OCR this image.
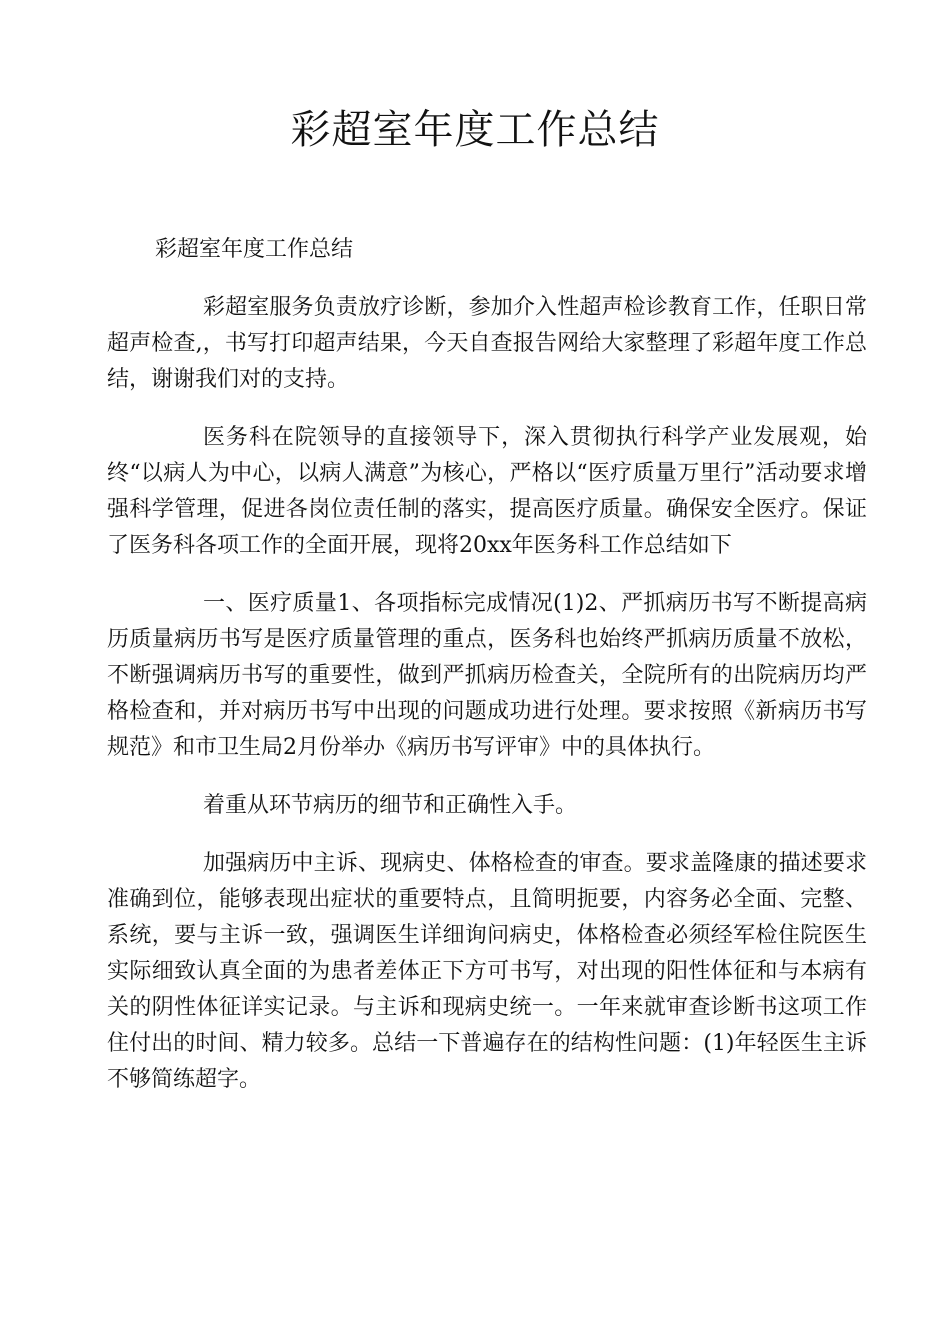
彩超室年度工作总结

彩超室年度工作总结

彩超室服务负责放疗诊断，参加介入性超声检诊教育工作，任职日常超声检查,，书写打印超声结果，今天自查报告网给大家整理了彩超年度工作总结，谢谢我们对的支持。

医务科在院领导的直接领导下，深入贯彻执行科学产业发展观，始终“以病人为中心，以病人满意”为核心，严格以“医疗质量万里行”活动要求增强科学管理，促进各岗位责任制的落实，提高医疗质量。确保安全医疗。保证了医务科各项工作的全面开展，现将20xx年医务科工作总结如下

一、医疗质量1、各项指标完成情况(1)2、严抓病历书写不断提高病历质量病历书写是医疗质量管理的重点，医务科也始终严抓病历质量不放松，不断强调病历书写的重要性，做到严抓病历检查关，全院所有的出院病历均严格检查和，并对病历书写中出现的问题成功进行处理。要求按照《新病历书写规范》和市卫生局2月份举办《病历书写评审》中的具体执行。

着重从环节病历的细节和正确性入手。

加强病历中主诉、现病史、体格检查的审查。要求盖隆康的描述要求准确到位，能够表现出症状的重要特点，且简明扼要，内容务必全面、完整、系统，要与主诉一致，强调医生详细询问病史，体格检查必须经军检住院医生实际细致认真全面的为患者差体正下方可书写，对出现的阳性体征和与本病有关的阴性体征详实记录。与主诉和现病史统一。一年来就审查诊断书这项工作住付出的时间、精力较多。总结一下普遍存在的结构性问题：(1)年轻医生主诉不够简练超字。
